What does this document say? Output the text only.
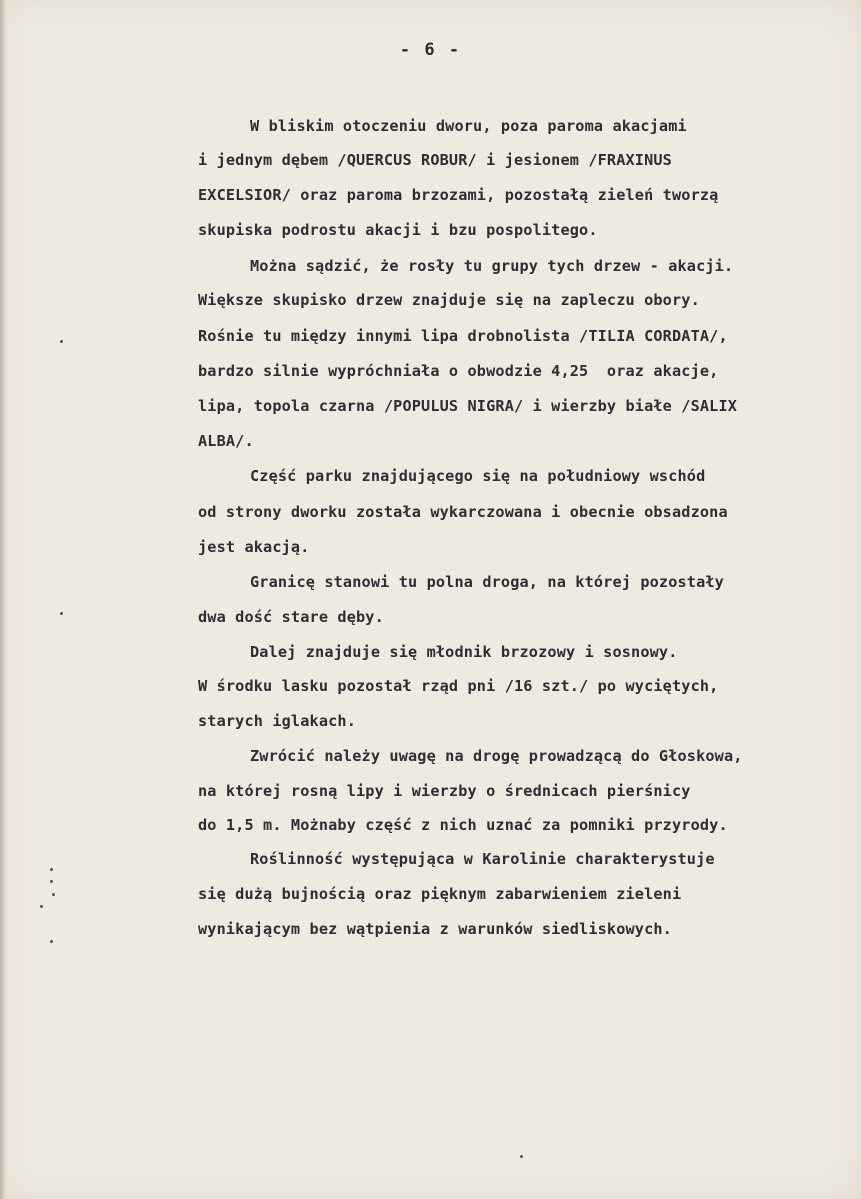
- 6 -
W bliskim otoczeniu dworu, poza paroma akacjami
i jednym dębem /QUERCUS ROBUR/ i jesionem /FRAXINUS
EXCELSIOR/ oraz paroma brzozami, pozostałą zieleń tworzą
skupiska podrostu akacji i bzu pospolitego.
Można sądzić, że rosły tu grupy tych drzew - akacji.
Większe skupisko drzew znajduje się na zapleczu obory.
Rośnie tu między innymi lipa drobnolista /TILIA CORDATA/,
bardzo silnie wypróchniała o obwodzie 4,25  oraz akacje,
lipa, topola czarna /POPULUS NIGRA/ i wierzby białe /SALIX
ALBA/.
Część parku znajdującego się na południowy wschód
od strony dworku została wykarczowana i obecnie obsadzona
jest akacją.
Granicę stanowi tu polna droga, na której pozostały
dwa dość stare dęby.
Dalej znajduje się młodnik brzozowy i sosnowy.
W środku lasku pozostał rząd pni /16 szt./ po wyciętych,
starych iglakach.
Zwrócić należy uwagę na drogę prowadzącą do Głoskowa,
na której rosną lipy i wierzby o średnicach pierśnicy
do 1,5 m. Możnaby część z nich uznać za pomniki przyrody.
Roślinność występująca w Karolinie charakterystuje
się dużą bujnością oraz pięknym zabarwieniem zieleni
wynikającym bez wątpienia z warunków siedliskowych.
